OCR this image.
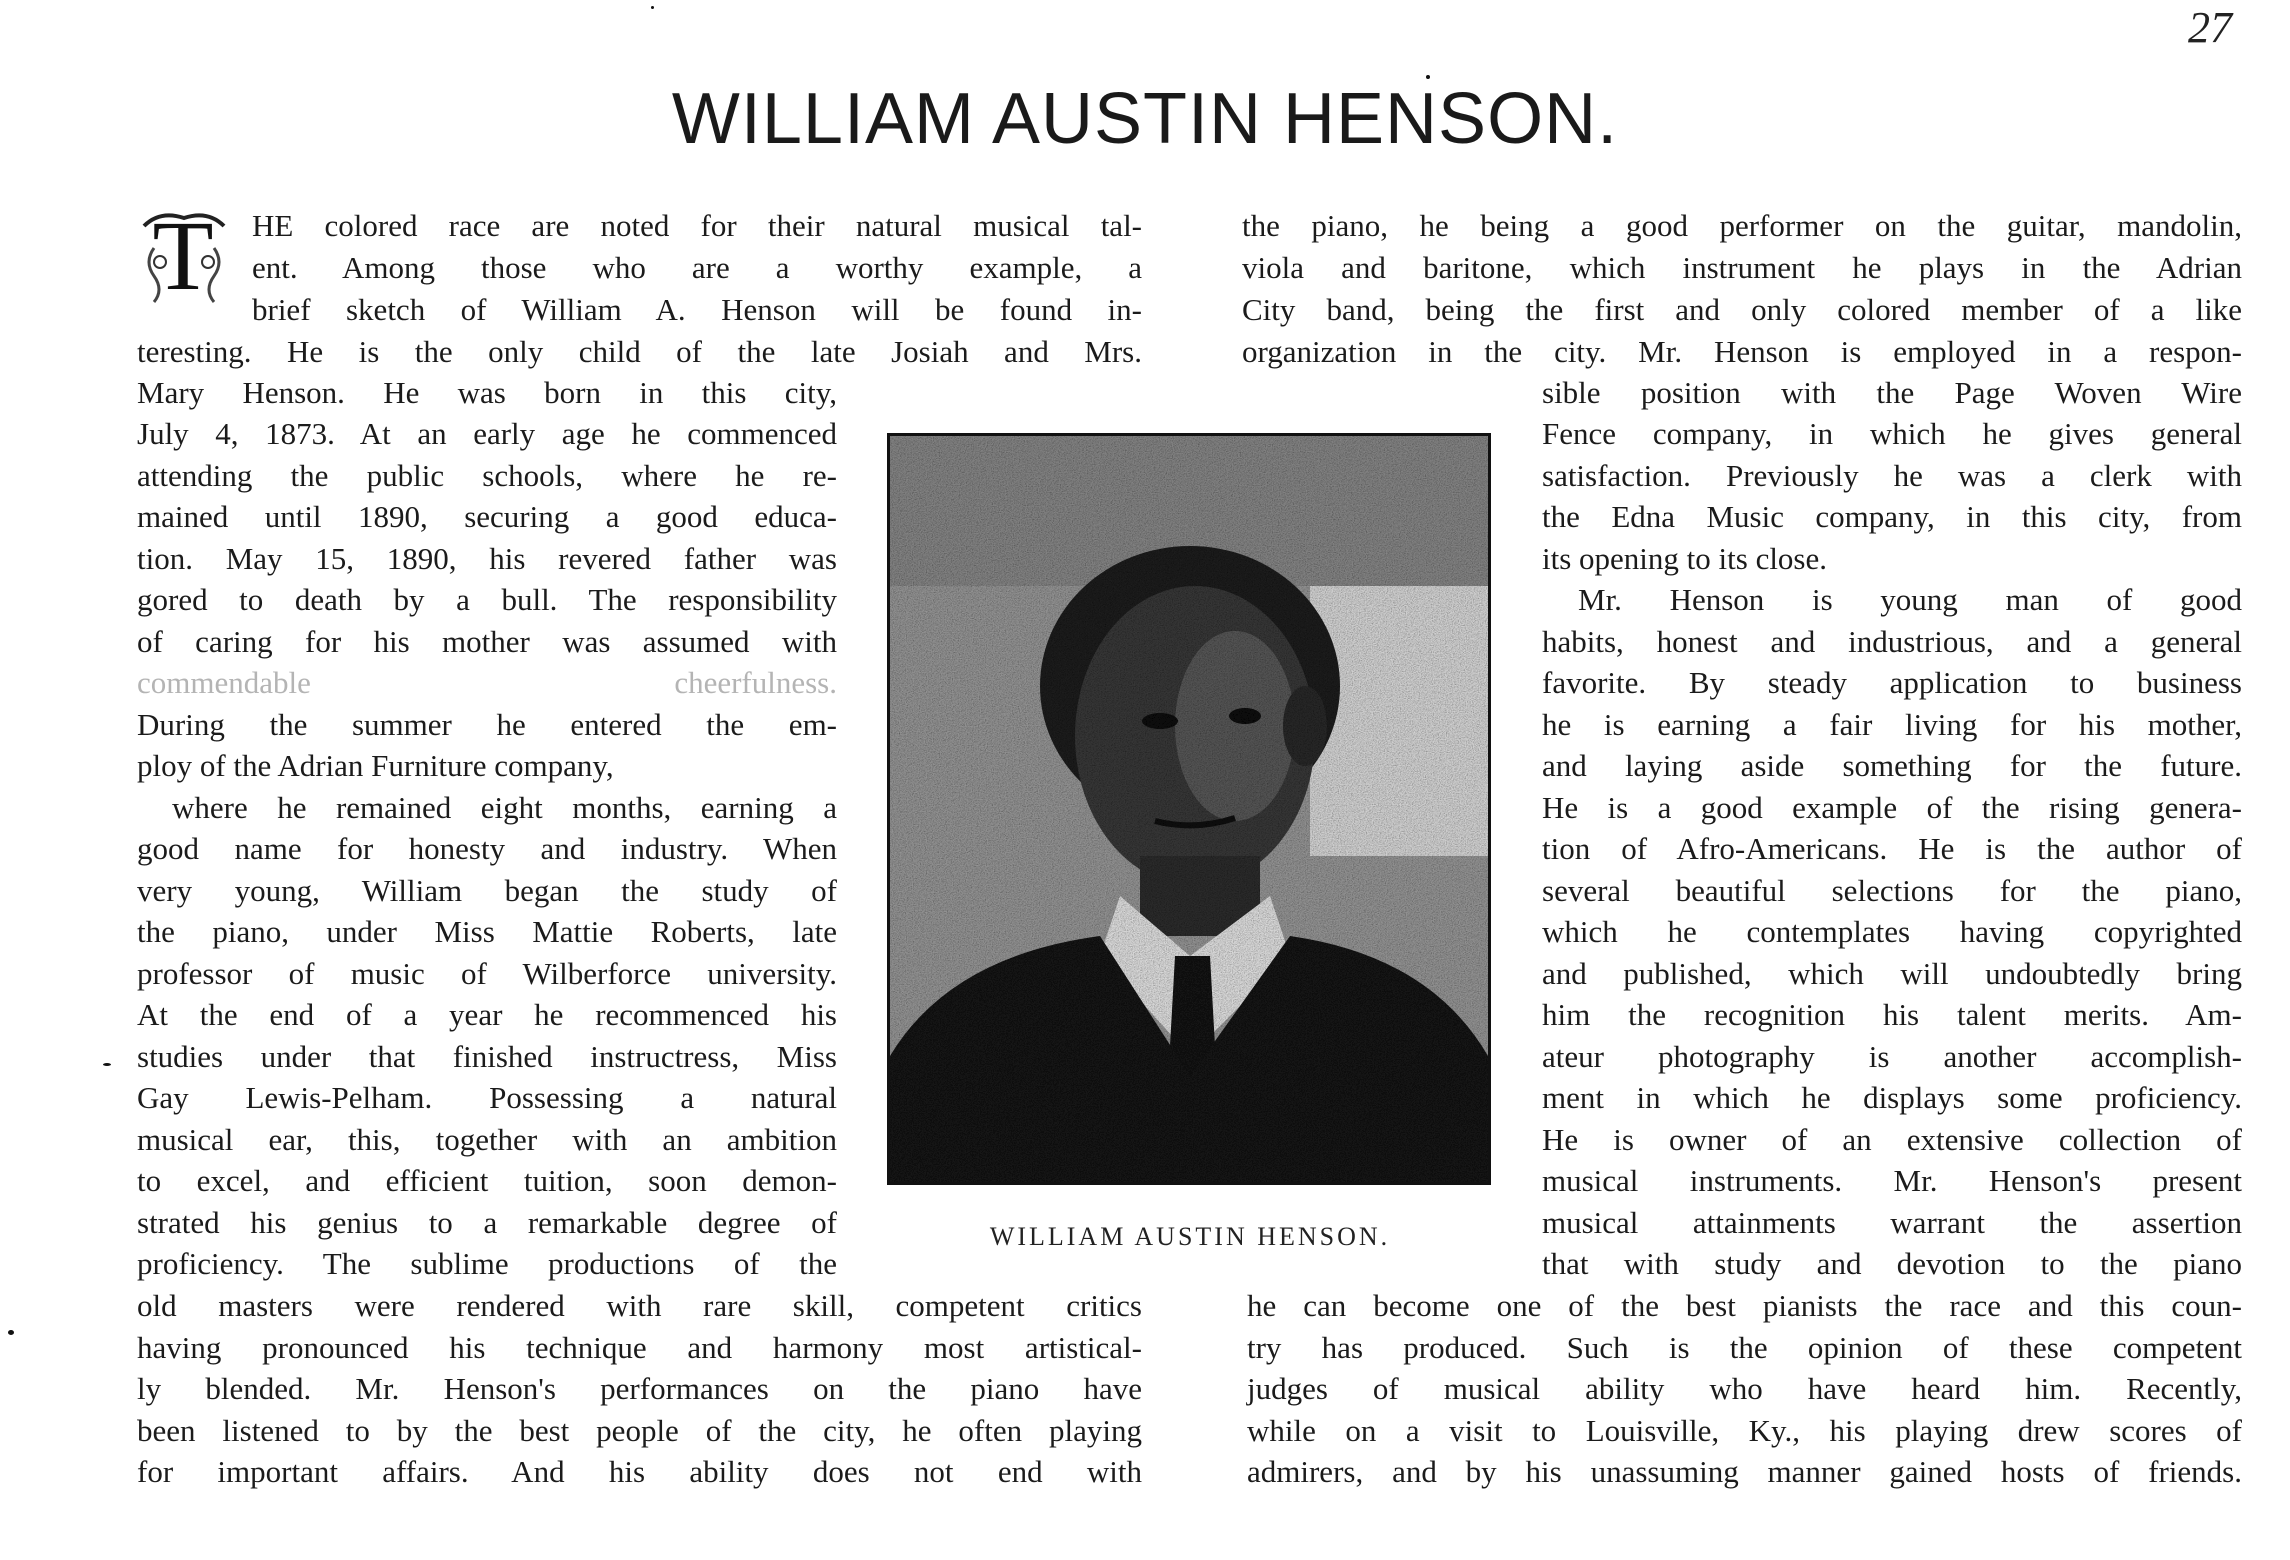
27
WILLIAM AUSTIN HENSON.
T	HE colored race are noted for their natural musical tal-
ent. Among those who are a worthy example, a
brief sketch of William A. Henson will be found in-
teresting. He is the only child of the late Josiah and Mrs.
Mary Henson. He was born in this city,
July 4, 1873. At an early age he commenced
attending the public schools, where he re-
mained until 1890, securing a good educa-
tion. May 15, 1890, his revered father was
gored to death by a bull. The responsibility
of caring for his mother was assumed with
commendable cheerfulness.
During the summer he entered the em-
ploy of the Adrian Furniture company,
where he remained eight months, earning a
good name for honesty and industry. When
very young, William began the study of
the piano, under Miss Mattie Roberts, late
professor of music of Wilberforce university.
At the end of a year he recommenced his
studies under that finished instructress, Miss
Gay Lewis-Pelham. Possessing a natural
musical ear, this, together with an ambition
to excel, and efficient tuition, soon demon-
strated his genius to a remarkable degree of
proficiency. The sublime productions of the
old masters were rendered with rare skill, competent critics
having pronounced his technique and harmony most artistical-
ly blended. Mr. Henson's performances on the piano have
been listened to by the best people of the city, he often playing
for important affairs. And his ability does not end with
the piano, he being a good performer on the guitar, mandolin,
viola and baritone, which instrument he plays in the Adrian
City band, being the first and only colored member of a like
organization in the city. Mr. Henson is employed in a respon-
sible position with the Page Woven Wire
Fence company, in which he gives general
satisfaction. Previously he was a clerk with
the Edna Music company, in this city, from
its opening to its close.
Mr. Henson is young man of good
habits, honest and industrious, and a general
favorite. By steady application to business
he is earning a fair living for his mother,
and laying aside something for the future.
He is a good example of the rising genera-
tion of Afro-Americans. He is the author of
several beautiful selections for the piano,
which he contemplates having copyrighted
and published, which will undoubtedly bring
him the recognition his talent merits. Am-
ateur photography is another accomplish-
ment in which he displays some proficiency.
He is owner of an extensive collection of
musical instruments. Mr. Henson's present
musical attainments warrant the assertion
that with study and devotion to the piano
he can become one of the best pianists the race and this coun-
try has produced. Such is the opinion of these competent
judges of musical ability who have heard him. Recently,
while on a visit to Louisville, Ky., his playing drew scores of
admirers, and by his unassuming manner gained hosts of friends.
WILLIAM AUSTIN HENSON.
